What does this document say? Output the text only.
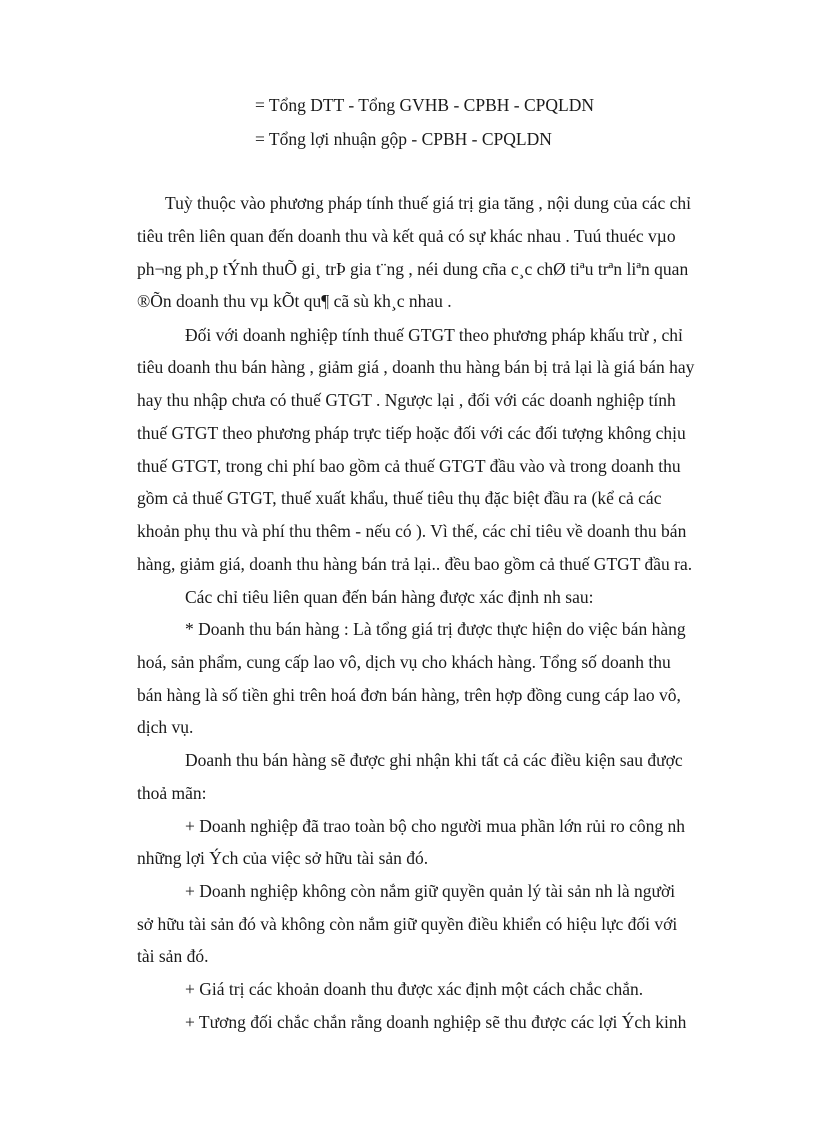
= Tổng DTT - Tổng GVHB - CPBH - CPQLDN
= Tổng lợi nhuận gộp - CPBH - CPQLDN
Tuỳ thuộc vào phương pháp tính thuế giá trị gia tăng , nội dung của các chỉ
tiêu trên liên quan đến doanh thu và kết quả có sự khác nhau . Tuú thuéc vµo
ph¬ng ph¸p tÝnh thuÕ gi¸ trÞ gia t¨ng , néi dung cña c¸c chØ tiªu trªn liªn quan
®Õn doanh thu vµ kÕt qu¶ cã sù kh¸c nhau .
Đối với doanh nghiệp tính thuế GTGT theo phương pháp khấu trừ , chỉ
tiêu doanh thu bán hàng , giảm giá , doanh thu hàng bán bị trả lại là giá bán hay
hay thu nhập chưa có thuế GTGT . Ngược lại , đối với các doanh nghiệp tính
thuế GTGT theo phương pháp trực tiếp hoặc đối với các đối tượng không chịu
thuế GTGT, trong chi phí bao gồm cả thuế GTGT đầu vào và trong doanh thu
gồm cả thuế GTGT, thuế xuất khẩu, thuế tiêu thụ đặc biệt đầu ra (kể cả các
khoản phụ thu và phí thu thêm - nếu có ). Vì thế, các chỉ tiêu về doanh thu bán
hàng, giảm giá, doanh thu hàng bán trả lại.. đều bao gồm cả thuế GTGT đầu ra.
Các chỉ tiêu liên quan đến bán hàng được xác định nh sau:
* Doanh thu bán hàng : Là tổng giá trị được thực hiện do việc bán hàng
hoá, sản phẩm, cung cấp lao vô, dịch vụ cho khách hàng. Tổng số doanh thu
bán hàng là số tiền ghi trên hoá đơn bán hàng, trên hợp đồng cung cáp lao vô,
dịch vụ.
Doanh thu bán hàng sẽ được ghi nhận khi tất cả các điều kiện sau được
thoả mãn:
+ Doanh nghiệp đã trao toàn bộ cho người mua phần lớn rủi ro công nh
những lợi Ých của việc sở hữu tài sản đó.
+ Doanh nghiệp không còn nắm giữ quyền quản lý tài sản nh là người
sở hữu tài sản đó và không còn nắm giữ quyền điều khiển có hiệu lực đối với
tài sản đó.
+ Giá trị các khoản doanh thu được xác định một cách chắc chắn.
+ Tương đối chắc chắn rằng doanh nghiệp sẽ thu được các lợi Ých kinh
